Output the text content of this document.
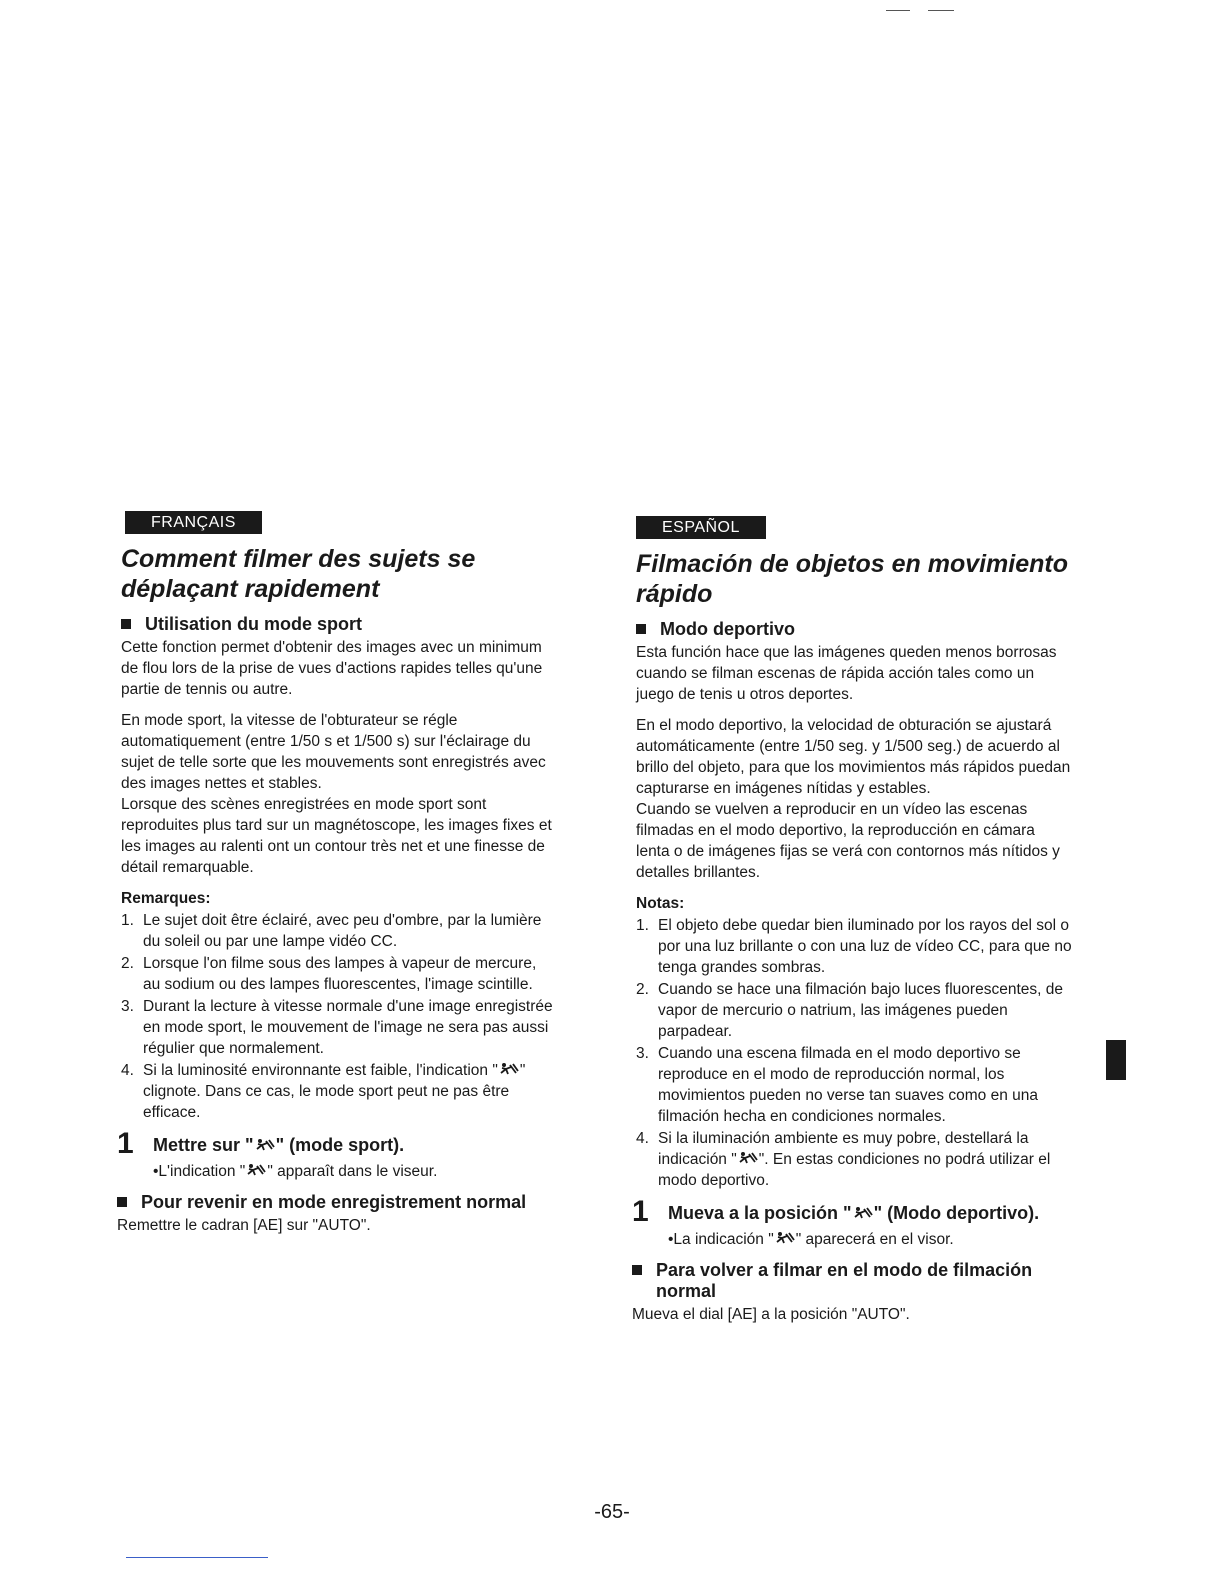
FRANÇAIS
Comment filmer des sujets se
déplaçant rapidement
Utilisation du mode sport

Cette fonction permet d'obtenir des images avec un minimum de flou lors de la prise de vues d'actions rapides telles qu'une partie de tennis ou autre.

En mode sport, la vitesse de l'obturateur se régle automatiquement (entre 1/50 s et 1/500 s) sur l'éclairage du sujet de telle sorte que les mouvements sont enregistrés avec des images nettes et stables.

Lorsque des scènes enregistrées en mode sport sont reproduites plus tard sur un magnétoscope, les images fixes et les images au ralenti ont un contour très net et une finesse de détail remarquable.

Remarques:
1. Le sujet doit être éclairé, avec peu d'ombre, par la lumière du soleil ou par une lampe vidéo CC.
2. Lorsque l'on filme sous des lampes à vapeur de mercure, au sodium ou des lampes fluorescentes, l'image scintille.
3. Durant la lecture à vitesse normale d'une image enregistrée en mode sport, le mouvement de l'image ne sera pas aussi régulier que normalement.
4. Si la luminosité environnante est faible, l'indication " " clignote. Dans ce cas, le mode sport peut ne pas être efficace.
1	Mettre sur " " (mode sport).
•L'indication " " apparaît dans le viseur.
Pour revenir en mode enregistrement normal

Remettre le cadran [AE] sur "AUTO".

ESPAÑOL
Filmación de objetos en movimiento
rápido
Modo deportivo

Esta función hace que las imágenes queden menos borrosas cuando se filman escenas de rápida acción tales como un juego de tenis u otros deportes.

En el modo deportivo, la velocidad de obturación se ajustará automáticamente (entre 1/50 seg. y 1/500 seg.) de acuerdo al brillo del objeto, para que los movimientos más rápidos puedan capturarse en imágenes nítidas y estables.

Cuando se vuelven a reproducir en un vídeo las escenas filmadas en el modo deportivo, la reproducción en cámara lenta o de imágenes fijas se verá con contornos más nítidos y detalles brillantes.

Notas:
1. El objeto debe quedar bien iluminado por los rayos del sol o por una luz brillante o con una luz de vídeo CC, para que no tenga grandes sombras.
2. Cuando se hace una filmación bajo luces fluorescentes, de vapor de mercurio o natrium, las imágenes pueden parpadear.
3. Cuando una escena filmada en el modo deportivo se reproduce en el modo de reproducción normal, los movimientos pueden no verse tan suaves como en una filmación hecha en condiciones normales.
4. Si la iluminación ambiente es muy pobre, destellará la indicación " ". En estas condiciones no podrá utilizar el modo deportivo.
1	Mueva a la posición " " (Modo deportivo).
•La indicación " " aparecerá en el visor.
Para volver a filmar en el modo de filmación normal

Mueva el dial [AE] a la posición "AUTO".

-65-
